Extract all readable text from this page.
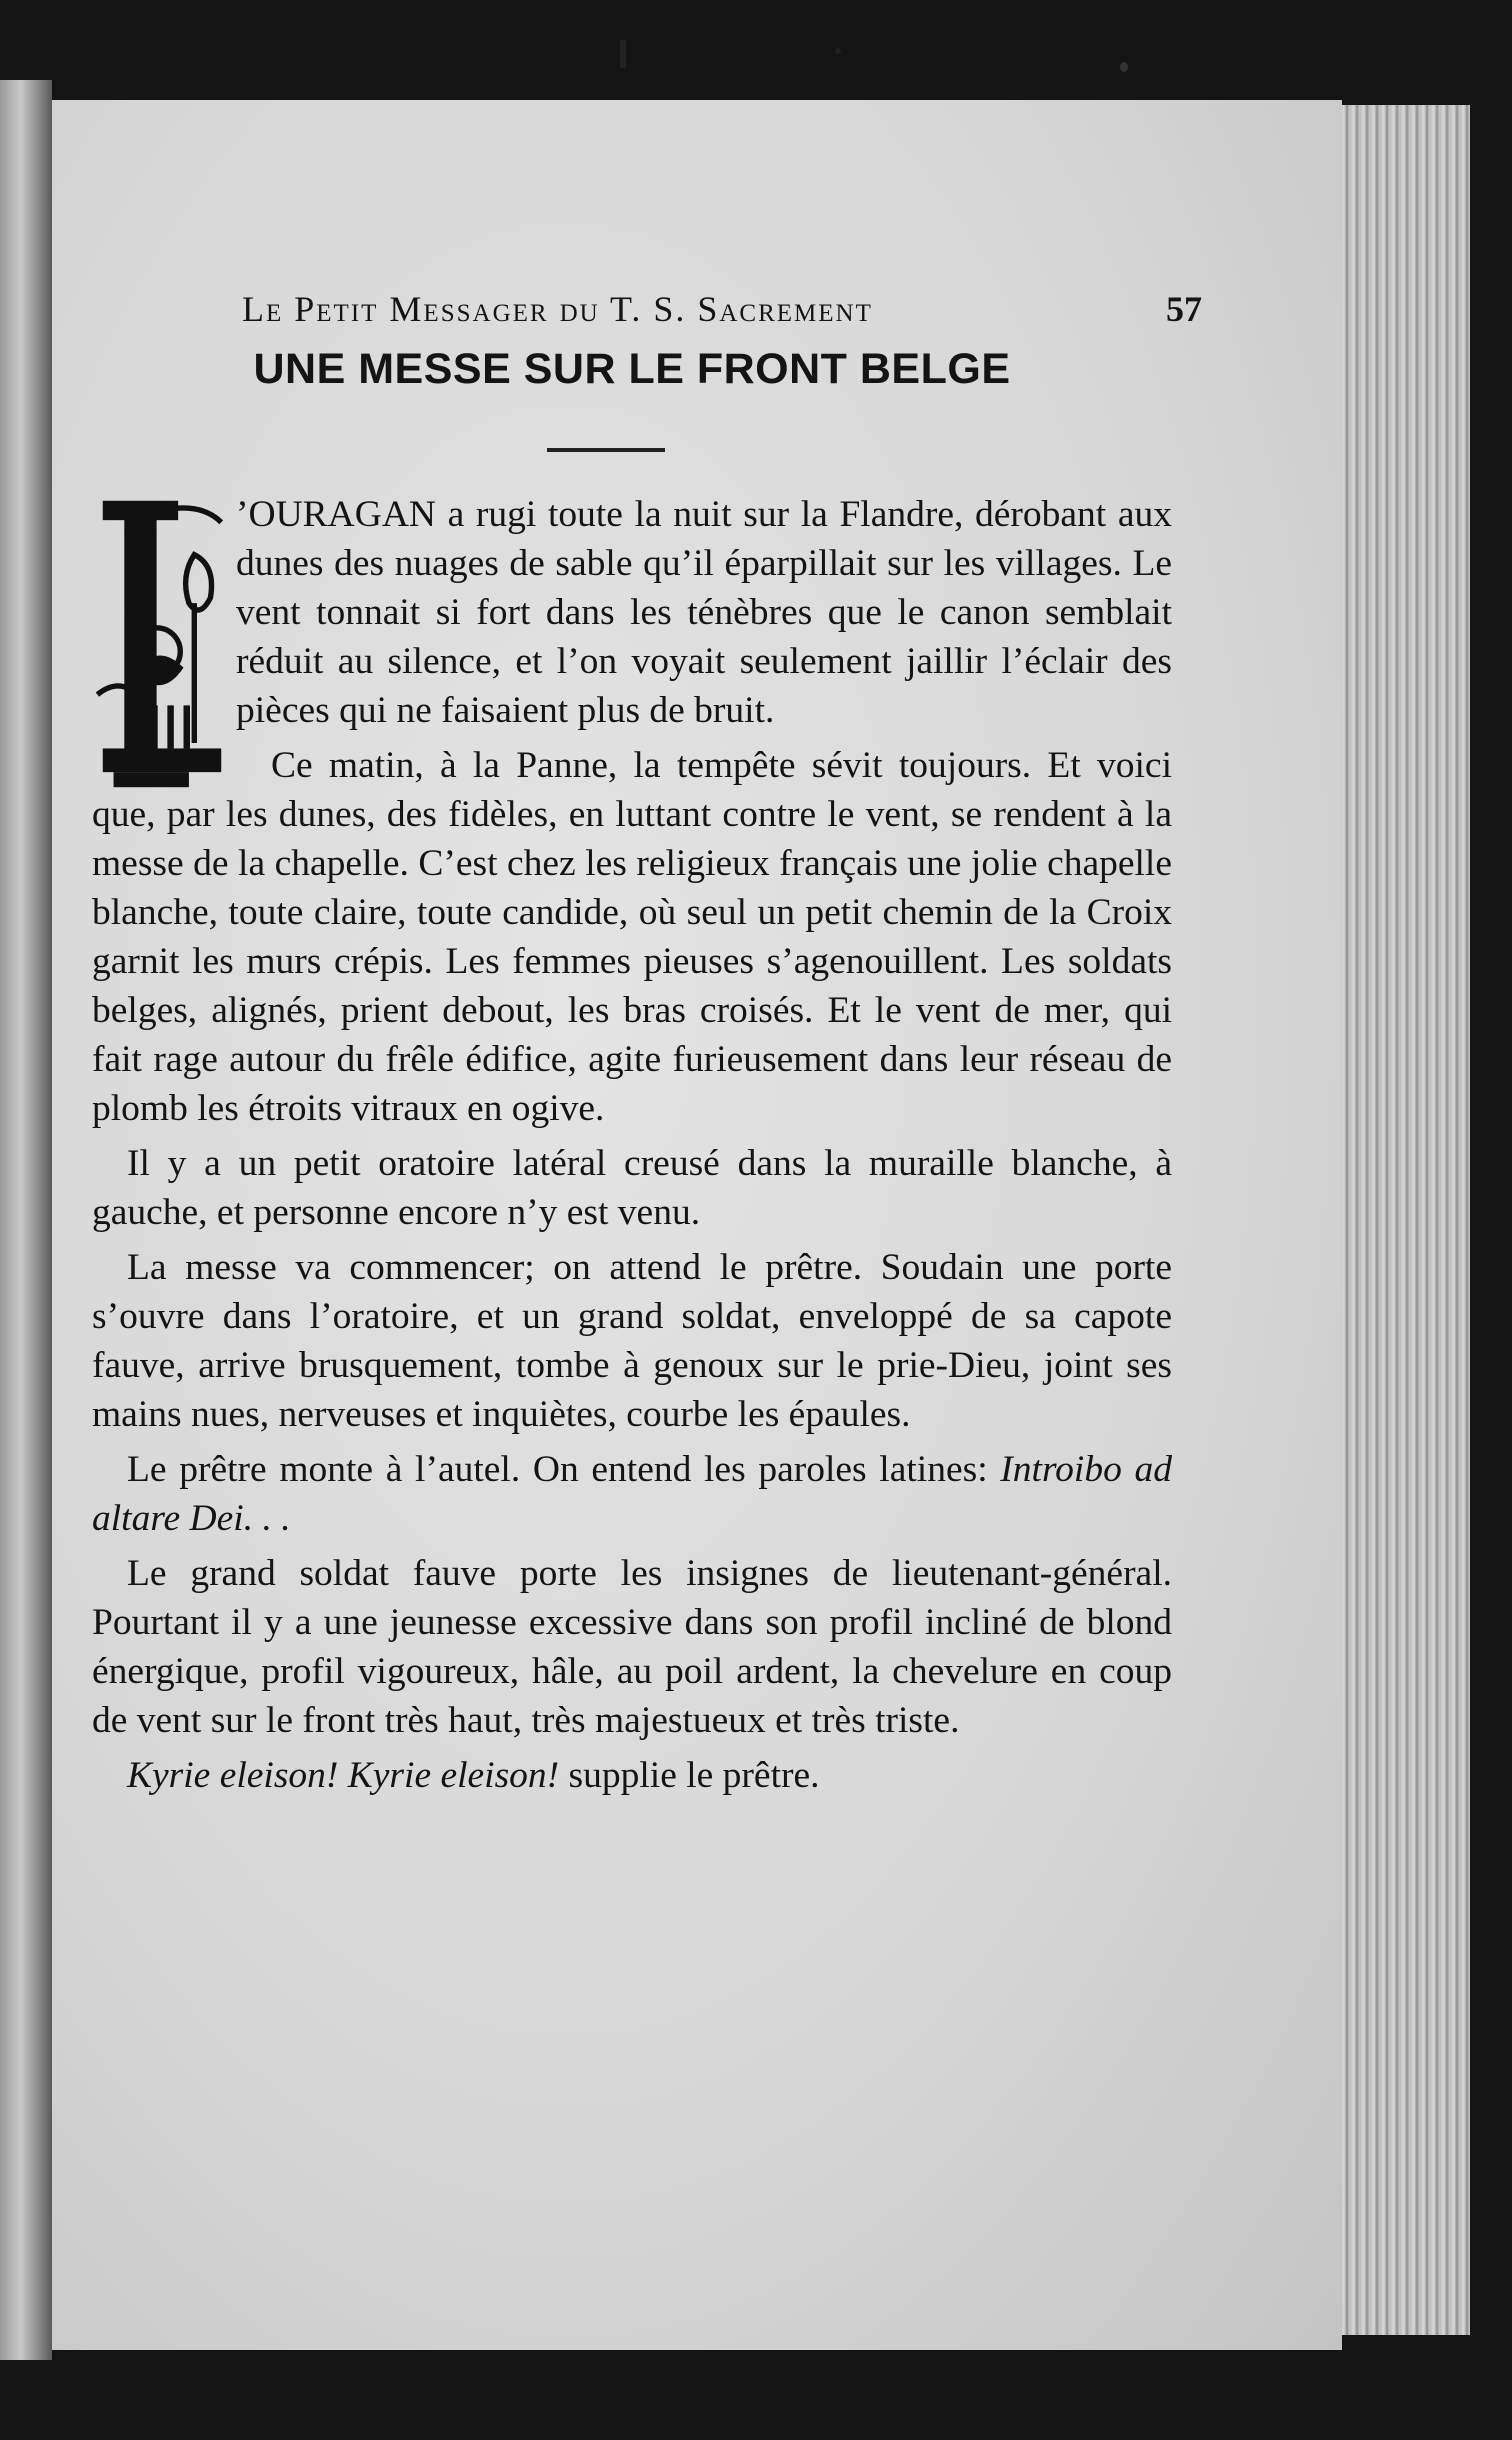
Le Petit Messager du T. S. Sacrement	57
UNE MESSE SUR LE FRONT BELGE

’OURAGAN a rugi toute la nuit sur la Flandre, dérobant aux dunes des nuages de sable qu’il éparpillait sur les villages. Le vent tonnait si fort dans les ténèbres que le canon semblait réduit au silence, et l’on voyait seulement jaillir l’éclair des pièces qui ne faisaient plus de bruit.

Ce matin, à la Panne, la tempête sévit toujours. Et voici que, par les dunes, des fidèles, en luttant contre le vent, se rendent à la messe de la chapelle. C’est chez les religieux français une jolie chapelle blanche, toute claire, toute candide, où seul un petit chemin de la Croix garnit les murs crépis. Les femmes pieuses s’agenouillent. Les soldats belges, alignés, prient debout, les bras croisés. Et le vent de mer, qui fait rage autour du frêle édifice, agite furieusement dans leur réseau de plomb les étroits vitraux en ogive.

Il y a un petit oratoire latéral creusé dans la muraille blanche, à gauche, et personne encore n’y est venu.

La messe va commencer; on attend le prêtre. Soudain une porte s’ouvre dans l’oratoire, et un grand soldat, enveloppé de sa capote fauve, arrive brusquement, tombe à genoux sur le prie-Dieu, joint ses mains nues, nerveuses et inquiètes, courbe les épaules.

Le prêtre monte à l’autel. On entend les paroles latines: Introibo ad altare Dei. . .

Le grand soldat fauve porte les insignes de lieutenant-général. Pourtant il y a une jeunesse excessive dans son profil incliné de blond énergique, profil vigoureux, hâle, au poil ardent, la chevelure en coup de vent sur le front très haut, très majestueux et très triste.

Kyrie eleison! Kyrie eleison! supplie le prêtre.
